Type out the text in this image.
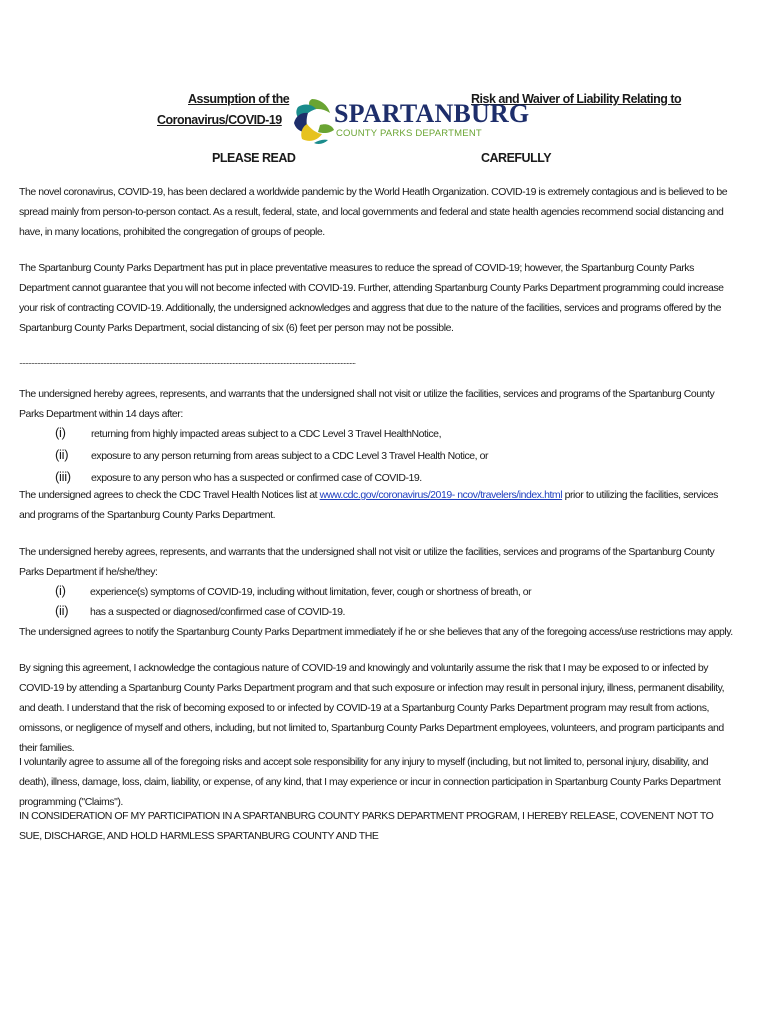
Assumption of the
Coronavirus/COVID-19
Risk and Waiver of Liability Relating to
PLEASE READ	CAREFULLY
SPARTANBURG
COUNTY PARKS DEPARTMENT
The novel coronavirus, COVID-19, has been declared a worldwide pandemic by the World Heatlh Organization. COVID-19 is extremely contagious and is believed to be spread mainly from person-to-person contact. As a result, federal, state, and local governments and federal and state health agencies recommend social distancing and have, in many locations, prohibited the congregation of groups of people.
The Spartanburg County Parks Department has put in place preventative measures to reduce the spread of COVID-19; however, the Spartanburg County Parks Department cannot guarantee that you will not become infected with COVID-19. Further, attending Spartanburg County Parks Department programming could increase your risk of contracting COVID-19. Additionally, the undersigned acknowledges and aggress that due to the nature of the facilities, services and programs offered by the Spartanburg County Parks Department, social distancing of six (6) feet per person may not be possible.
................................................................................................................................................................................................................................
The undersigned hereby agrees, represents, and warrants that the undersigned shall not visit or utilize the facilities, services and programs of the Spartanburg County Parks Department within 14 days after:
(i) returning from highly impacted areas subject to a CDC Level 3 Travel HealthNotice,
(ii) exposure to any person returning from areas subject to a CDC Level 3 Travel Health Notice, or
(iii) exposure to any person who has a suspected or confirmed case of COVID-19.
The undersigned agrees to check the CDC Travel Health Notices list at www.cdc.gov/coronavirus/2019- ncov/travelers/index.html prior to utilizing the facilities, services and programs of the Spartanburg County Parks Department.
The undersigned hereby agrees, represents, and warrants that the undersigned shall not visit or utilize the facilities, services and programs of the Spartanburg County Parks Department if he/she/they:
(i) experience(s) symptoms of COVID-19, including without limitation, fever, cough or shortness of breath, or
(ii) has a suspected or diagnosed/confirmed case of COVID-19.
The undersigned agrees to notify the Spartanburg County Parks Department immediately if he or she believes that any of the foregoing access/use restrictions may apply.
By signing this agreement, I acknowledge the contagious nature of COVID-19 and knowingly and voluntarily assume the risk that I may be exposed to or infected by COVID-19 by attending a Spartanburg County Parks Department program and that such exposure or infection may result in personal injury, illness, permanent disability, and death. I understand that the risk of becoming exposed to or infected by COVID-19 at a Spartanburg County Parks Department program may result from actions, omissons, or negligence of myself and others, including, but not limited to, Spartanburg County Parks Department employees, volunteers, and program participants and their families.
I voluntarily agree to assume all of the foregoing risks and accept sole responsibility for any injury to myself (including, but not limited to, personal injury, disability, and death), illness, damage, loss, claim, liability, or expense, of any kind, that I may experience or incur in connection participation in Spartanburg County Parks Department programming ("Claims").
IN CONSIDERATION OF MY PARTICIPATION IN A SPARTANBURG COUNTY PARKS DEPARTMENT PROGRAM, I HEREBY RELEASE, COVENENT NOT TO SUE, DISCHARGE, AND HOLD HARMLESS SPARTANBURG COUNTY AND THE
